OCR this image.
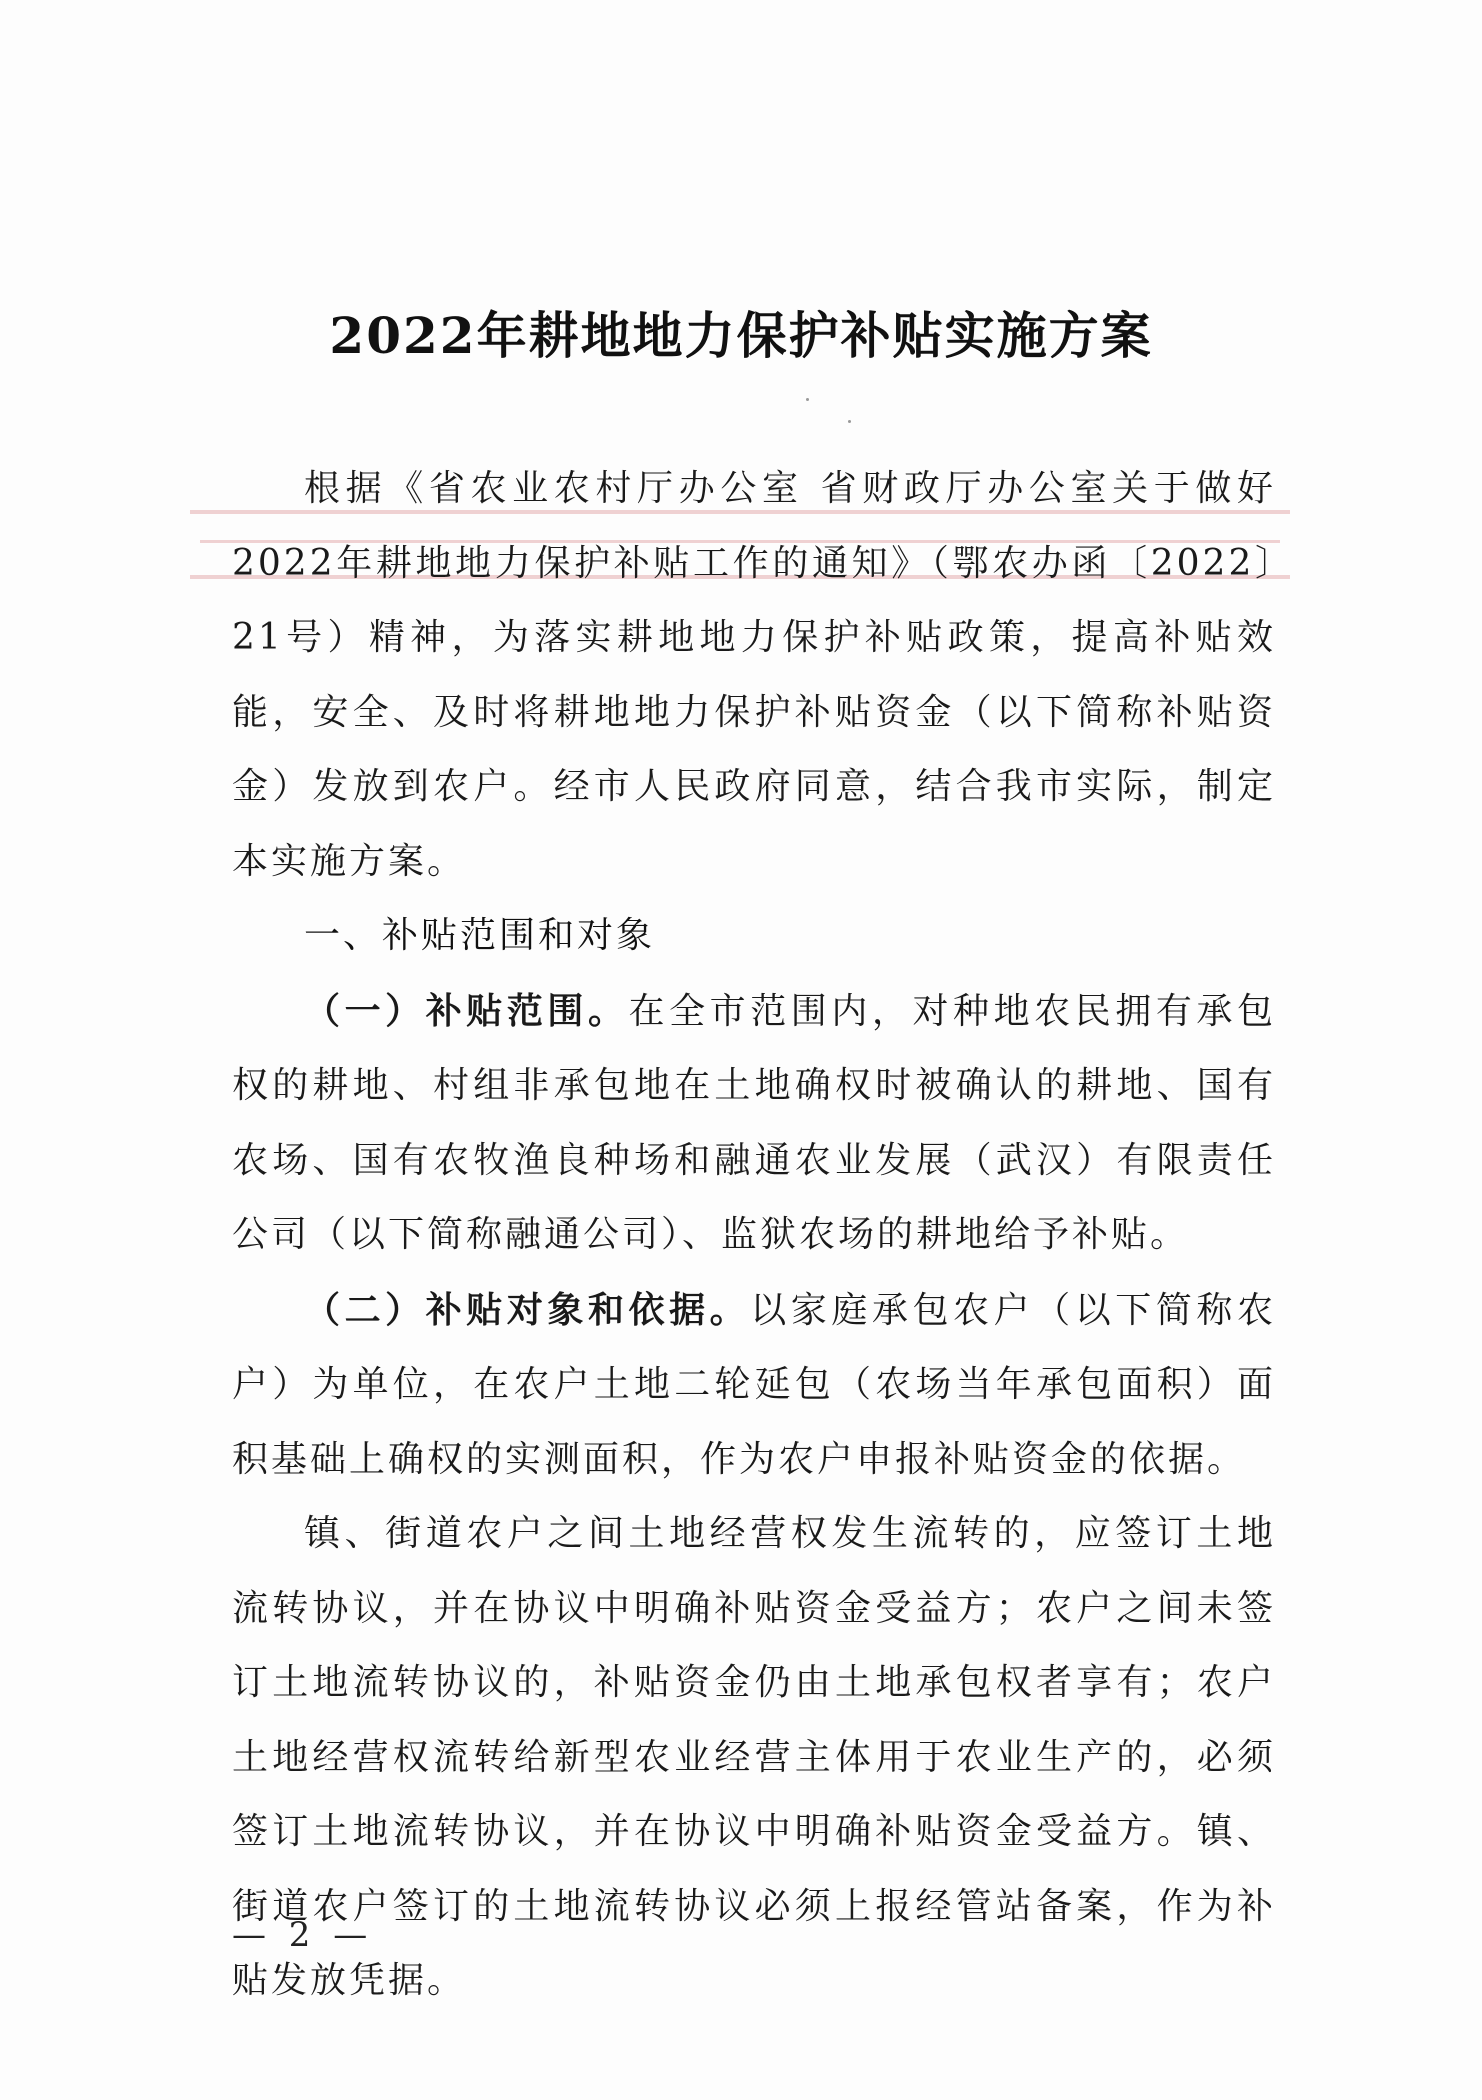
2022年耕地地力保护补贴实施方案

根据《省农业农村厅办公室 省财政厅办公室关于做好2022年耕地地力保护补贴工作的通知》（鄂农办函〔2022〕21号）精神，为落实耕地地力保护补贴政策，提高补贴效能，安全、及时将耕地地力保护补贴资金（以下简称补贴资金）发放到农户。经市人民政府同意，结合我市实际，制定本实施方案。

一、补贴范围和对象

（一）补贴范围。在全市范围内，对种地农民拥有承包权的耕地、村组非承包地在土地确权时被确认的耕地、国有农场、国有农牧渔良种场和融通农业发展（武汉）有限责任公司（以下简称融通公司）、监狱农场的耕地给予补贴。

（二）补贴对象和依据。以家庭承包农户（以下简称农户）为单位，在农户土地二轮延包（农场当年承包面积）面积基础上确权的实测面积，作为农户申报补贴资金的依据。

镇、街道农户之间土地经营权发生流转的，应签订土地流转协议，并在协议中明确补贴资金受益方；农户之间未签订土地流转协议的，补贴资金仍由土地承包权者享有；农户土地经营权流转给新型农业经营主体用于农业生产的，必须签订土地流转协议，并在协议中明确补贴资金受益方。镇、街道农户签订的土地流转协议必须上报经管站备案，作为补贴发放凭据。

— 2 —
